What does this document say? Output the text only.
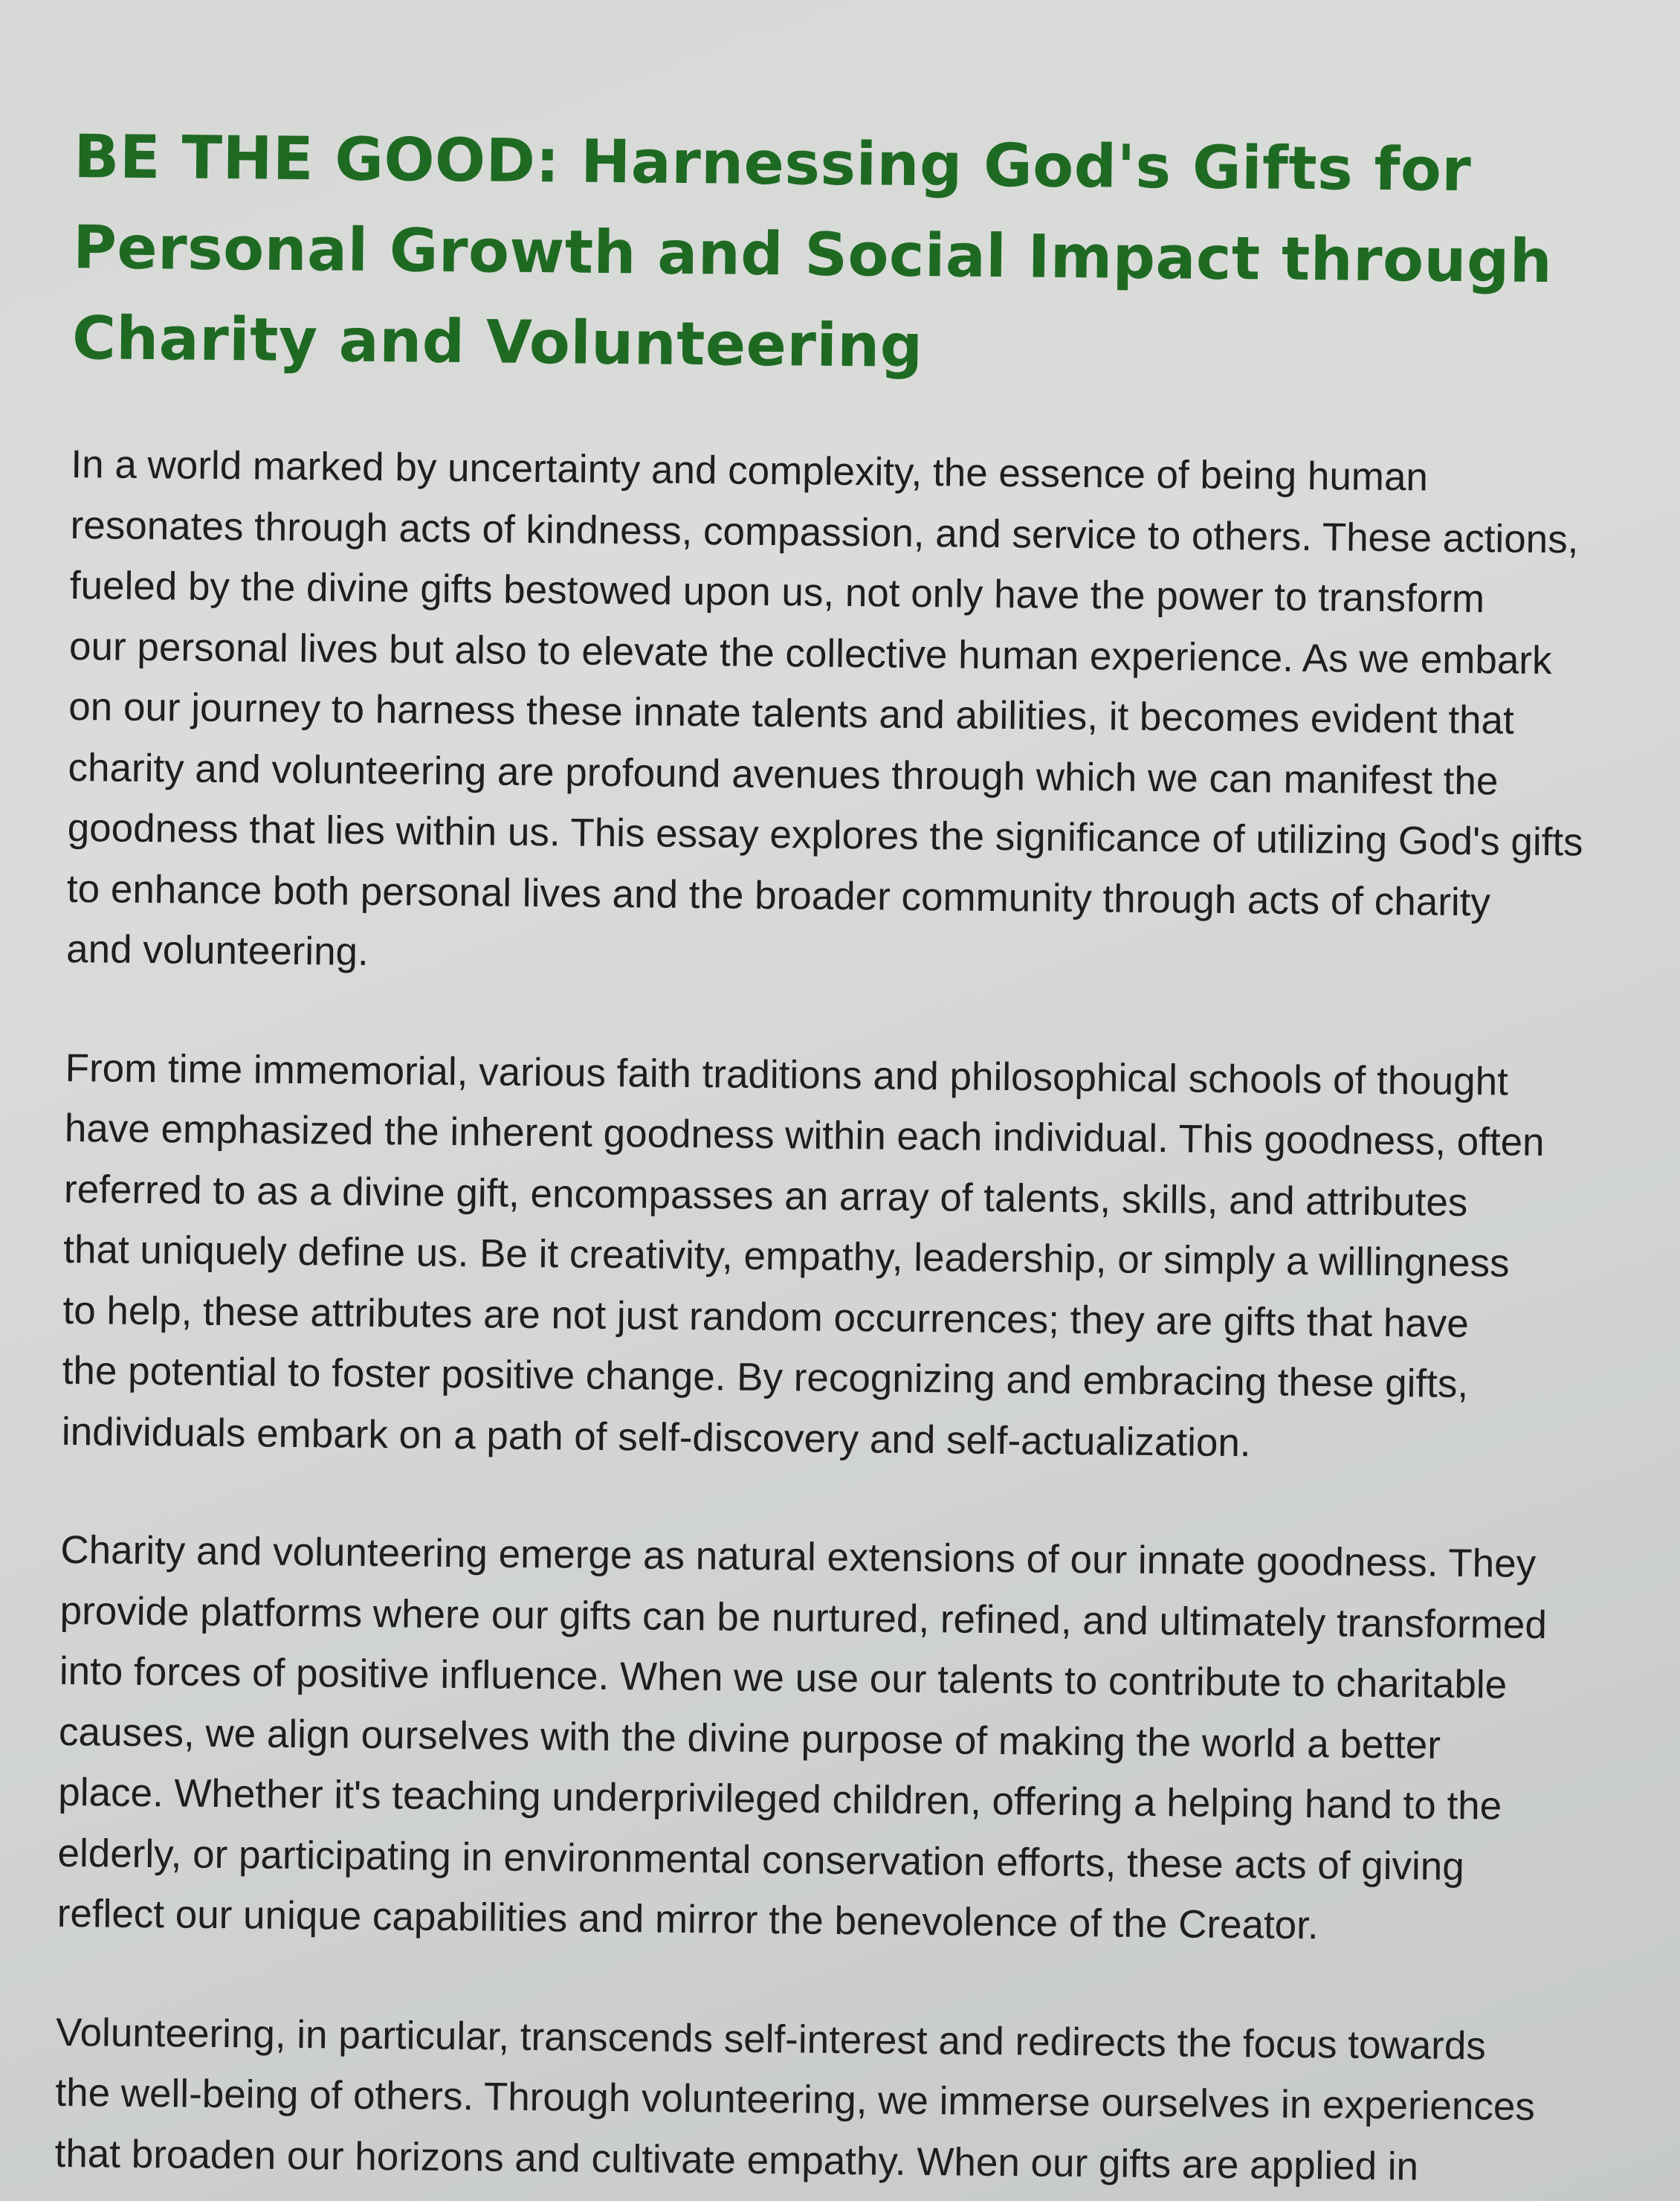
BE THE GOOD: Harnessing God's Gifts for
Personal Growth and Social Impact through
Charity and Volunteering

In a world marked by uncertainty and complexity, the essence of being human
resonates through acts of kindness, compassion, and service to others. These actions,
fueled by the divine gifts bestowed upon us, not only have the power to transform
our personal lives but also to elevate the collective human experience. As we embark
on our journey to harness these innate talents and abilities, it becomes evident that
charity and volunteering are profound avenues through which we can manifest the
goodness that lies within us. This essay explores the significance of utilizing God's gifts
to enhance both personal lives and the broader community through acts of charity
and volunteering.

From time immemorial, various faith traditions and philosophical schools of thought
have emphasized the inherent goodness within each individual. This goodness, often
referred to as a divine gift, encompasses an array of talents, skills, and attributes
that uniquely define us. Be it creativity, empathy, leadership, or simply a willingness
to help, these attributes are not just random occurrences; they are gifts that have
the potential to foster positive change. By recognizing and embracing these gifts,
individuals embark on a path of self-discovery and self-actualization.

Charity and volunteering emerge as natural extensions of our innate goodness. They
provide platforms where our gifts can be nurtured, refined, and ultimately transformed
into forces of positive influence. When we use our talents to contribute to charitable
causes, we align ourselves with the divine purpose of making the world a better
place. Whether it's teaching underprivileged children, offering a helping hand to the
elderly, or participating in environmental conservation efforts, these acts of giving
reflect our unique capabilities and mirror the benevolence of the Creator.

Volunteering, in particular, transcends self-interest and redirects the focus towards
the well-being of others. Through volunteering, we immerse ourselves in experiences
that broaden our horizons and cultivate empathy. When our gifts are applied in
